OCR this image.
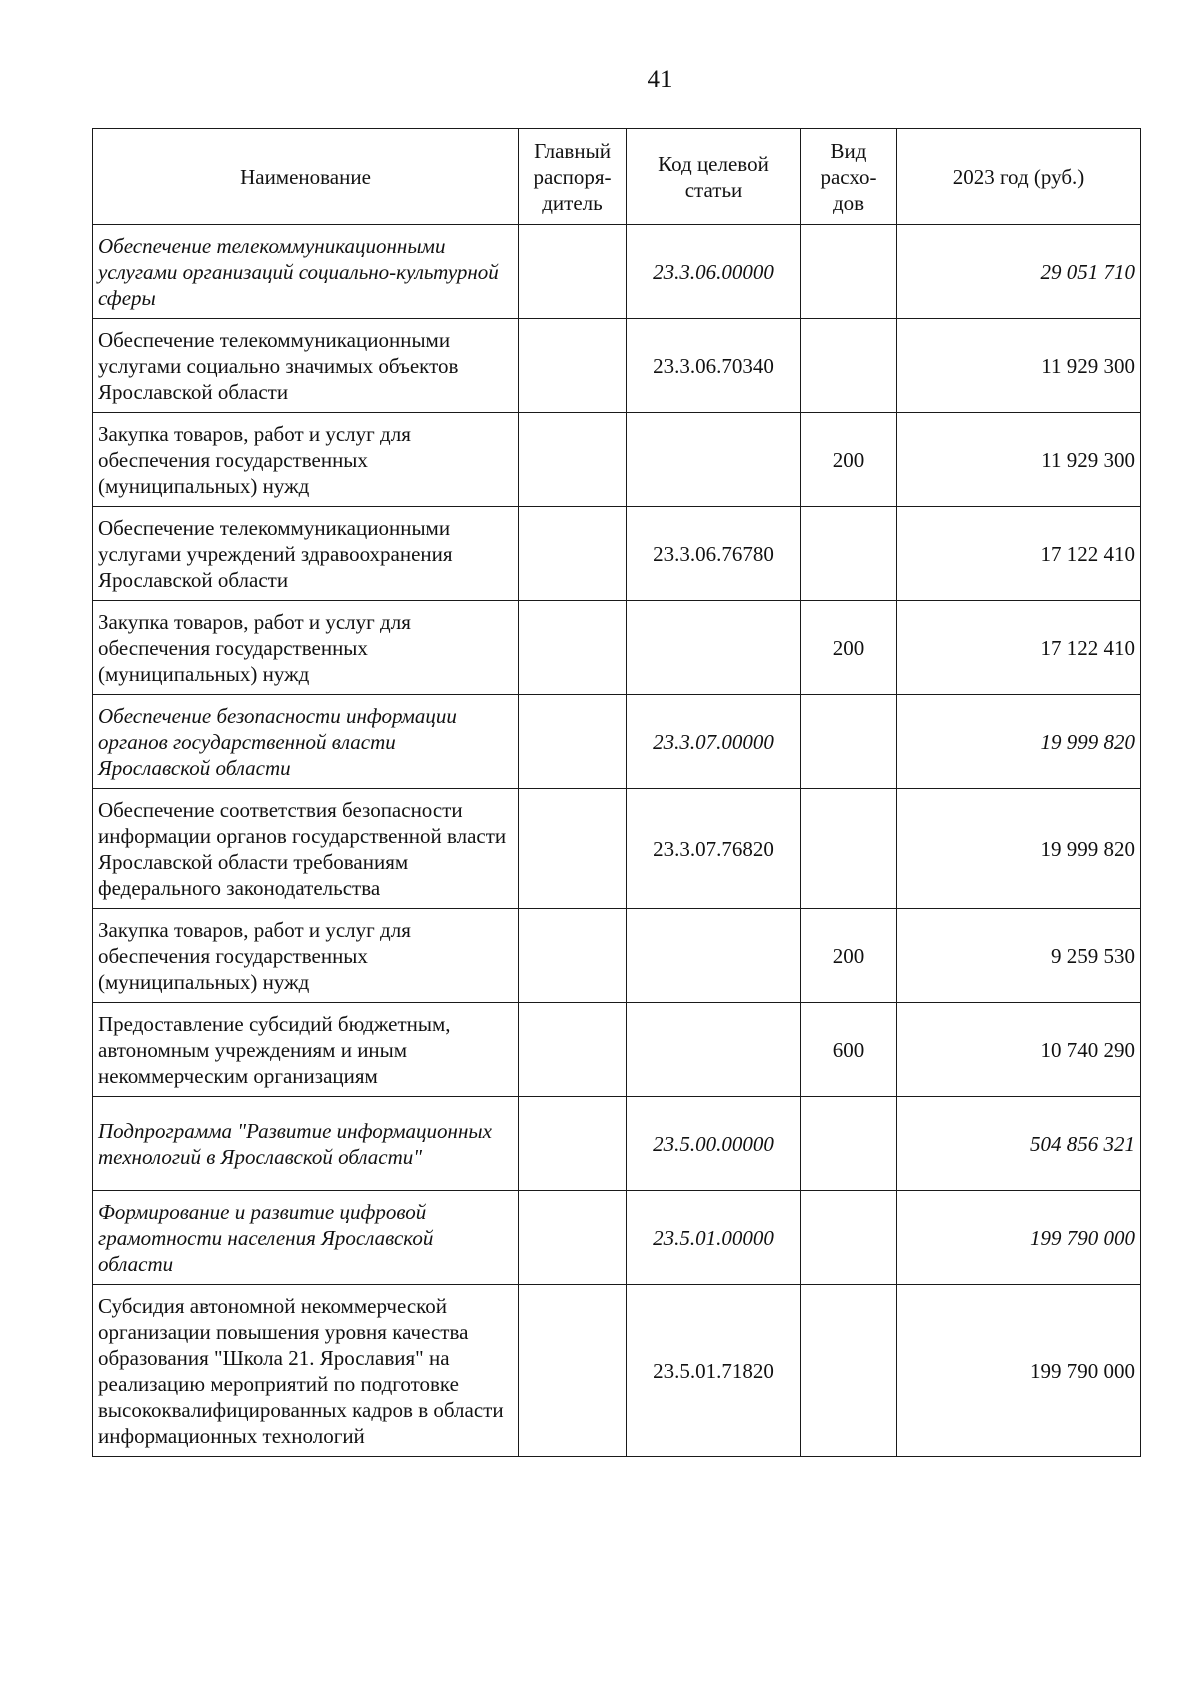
41
Наименование	Главный распоря- дитель	Код целевой статьи	Вид расхо- дов	2023 год (руб.)
Обеспечение телекоммуникационными услугами организаций социально-культурной сферы		23.3.06.00000		29 051 710
Обеспечение телекоммуникационными услугами социально значимых объектов Ярославской области		23.3.06.70340		11 929 300
Закупка товаров, работ и услуг для обеспечения государственных (муниципальных) нужд			200	11 929 300
Обеспечение телекоммуникационными услугами учреждений здравоохранения Ярославской области		23.3.06.76780		17 122 410
Закупка товаров, работ и услуг для обеспечения государственных (муниципальных) нужд			200	17 122 410
Обеспечение безопасности информации органов государственной власти Ярославской области		23.3.07.00000		19 999 820
Обеспечение соответствия безопасности информации органов государственной власти Ярославской области требованиям федерального законодательства		23.3.07.76820		19 999 820
Закупка товаров, работ и услуг для обеспечения государственных (муниципальных) нужд			200	9 259 530
Предоставление субсидий бюджетным, автономным учреждениям и иным некоммерческим организациям			600	10 740 290
Подпрограмма "Развитие информационных технологий в Ярославской области"		23.5.00.00000		504 856 321
Формирование и развитие цифровой грамотности населения Ярославской области		23.5.01.00000		199 790 000
Субсидия автономной некоммерческой организации повышения уровня качества образования "Школа 21. Ярославия" на реализацию мероприятий по подготовке высококвалифицированных кадров в области информационных технологий		23.5.01.71820		199 790 000
